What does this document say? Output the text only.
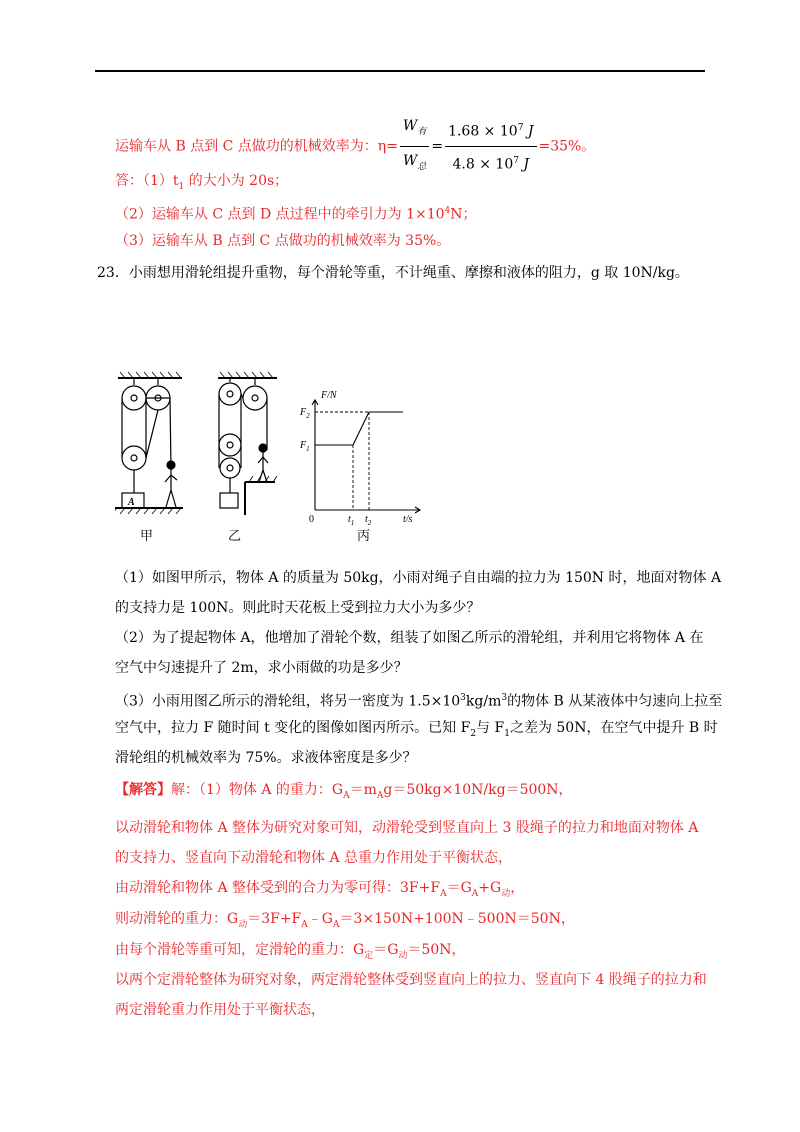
运输车从 B 点到 C 点做功的机械效率为：$\eta= \frac{W_有}{W_总} = \frac{1.68 \times 10^7 J}{4.8 \times 10^7 J} =35\%$。
答：$(1)t_1$ 的大小为 20s；
（2）运输车从 C 点到 D 点过程中的牵引力为 $1\times 10^4N$；
（3）运输车从 B 点到 C 点做功的机械效率为 35%。
23．小雨想用滑轮组提升重物，每个滑轮等重，不计绳重、摩擦和液体的阻力，g 取 10N/kg。
A
F/N
t/s
0
$F_2$
$F_1$
$t_1$ $t_2$
甲	乙	丙
（1）如图甲所示，物体 A 的质量为 50kg，小雨对绳子自由端的拉力为 150N 时，地面对物体 A
的支持力是 100N。则此时天花板上受到拉力大小为多少？
（2）为了提起物体 A，他增加了滑轮个数，组装了如图乙所示的滑轮组，并利用它将物体 A 在
空气中匀速提升了 2m，求小雨做的功是多少？
（3）小雨用图乙所示的滑轮组，将另一密度为 $1.5\times 10^3kg/m^3$的物体 B 从某液体中匀速向上拉至
空气中，拉力 F 随时间 t 变化的图像如图丙所示。已知 $F_2$与 $F_1$之差为 50N，在空气中提升 B 时
滑轮组的机械效率为 75%。求液体密度是多少？
【解答】解：（1）物体 A 的重力：$G_A=m_Ag=50kg\times 10N/kg=500N$，
以动滑轮和物体 A 整体为研究对象可知，动滑轮受到竖直向上 3 股绳子的拉力和地面对物体 A
的支持力、竖直向下动滑轮和物体 A 总重力作用处于平衡状态，
由动滑轮和物体 A 整体受到的合力为零可得：$3F+F_A=G_A+G_动$，
则动滑轮的重力：$G_动=3F+F_A﹣G_A=3\times 150N+100N﹣500N=50N$，
由每个滑轮等重可知，定滑轮的重力：$G_定=G_动=50N$，
以两个定滑轮整体为研究对象，两定滑轮整体受到竖直向上的拉力、竖直向下 4 股绳子的拉力和
两定滑轮重力作用处于平衡状态，
